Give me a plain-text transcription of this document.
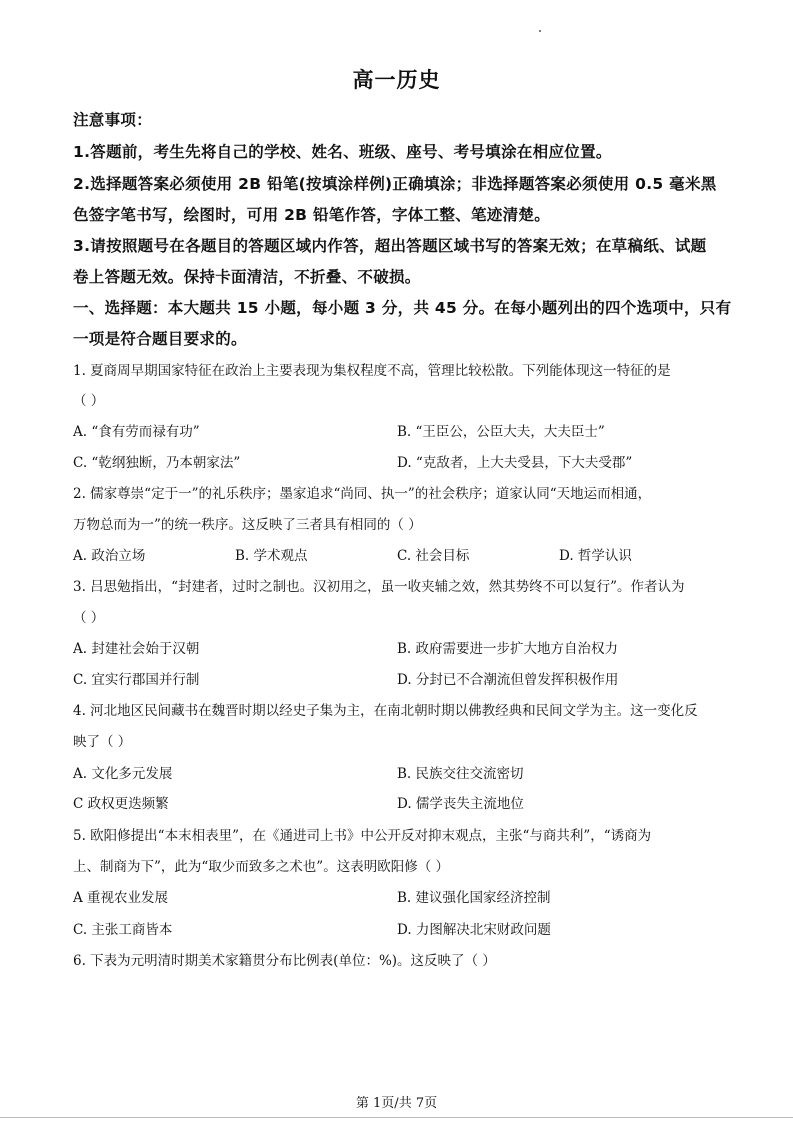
高一历史
注意事项：
1.答题前，考生先将自己的学校、姓名、班级、座号、考号填涂在相应位置。
2.选择题答案必须使用 2B 铅笔(按填涂样例)正确填涂；非选择题答案必须使用 0.5 毫米黑
色签字笔书写，绘图时，可用 2B 铅笔作答，字体工整、笔迹清楚。
3.请按照题号在各题目的答题区域内作答，超出答题区域书写的答案无效；在草稿纸、试题
卷上答题无效。保持卡面清洁，不折叠、不破损。
一、选择题：本大题共 15 小题，每小题 3 分，共 45 分。在每小题列出的四个选项中，只有
一项是符合题目要求的。
1. 夏商周早期国家特征在政治上主要表现为集权程度不高，管理比较松散。下列能体现这一特征的是
（ ）
A. “食有劳而禄有功”	B. “王臣公，公臣大夫，大夫臣士”
C. “乾纲独断，乃本朝家法”	D. “克敌者，上大夫受县，下大夫受郡”
2. 儒家尊崇“定于一”的礼乐秩序；墨家追求“尚同、执一”的社会秩序；道家认同“天地运而相通，
万物总而为一”的统一秩序。这反映了三者具有相同的（ ）
A. 政治立场	B. 学术观点	C. 社会目标	D. 哲学认识
3. 吕思勉指出，“封建者，过时之制也。汉初用之，虽一收夹辅之效，然其势终不可以复行”。作者认为
（ ）
A. 封建社会始于汉朝	B. 政府需要进一步扩大地方自治权力
C. 宜实行郡国并行制	D. 分封已不合潮流但曾发挥积极作用
4. 河北地区民间藏书在魏晋时期以经史子集为主，在南北朝时期以佛教经典和民间文学为主。这一变化反
映了（ ）
A. 文化多元发展	B. 民族交往交流密切
C 政权更迭频繁	D. 儒学丧失主流地位
5. 欧阳修提出“本末相表里”，在《通进司上书》中公开反对抑末观点，主张“与商共利”，“诱商为
上、制商为下”，此为“取少而致多之术也”。这表明欧阳修（ ）
A 重视农业发展	B. 建议强化国家经济控制
C. 主张工商皆本	D. 力图解决北宋财政问题
6. 下表为元明清时期美术家籍贯分布比例表(单位：%)。这反映了（ ）
第 1页/共 7页
